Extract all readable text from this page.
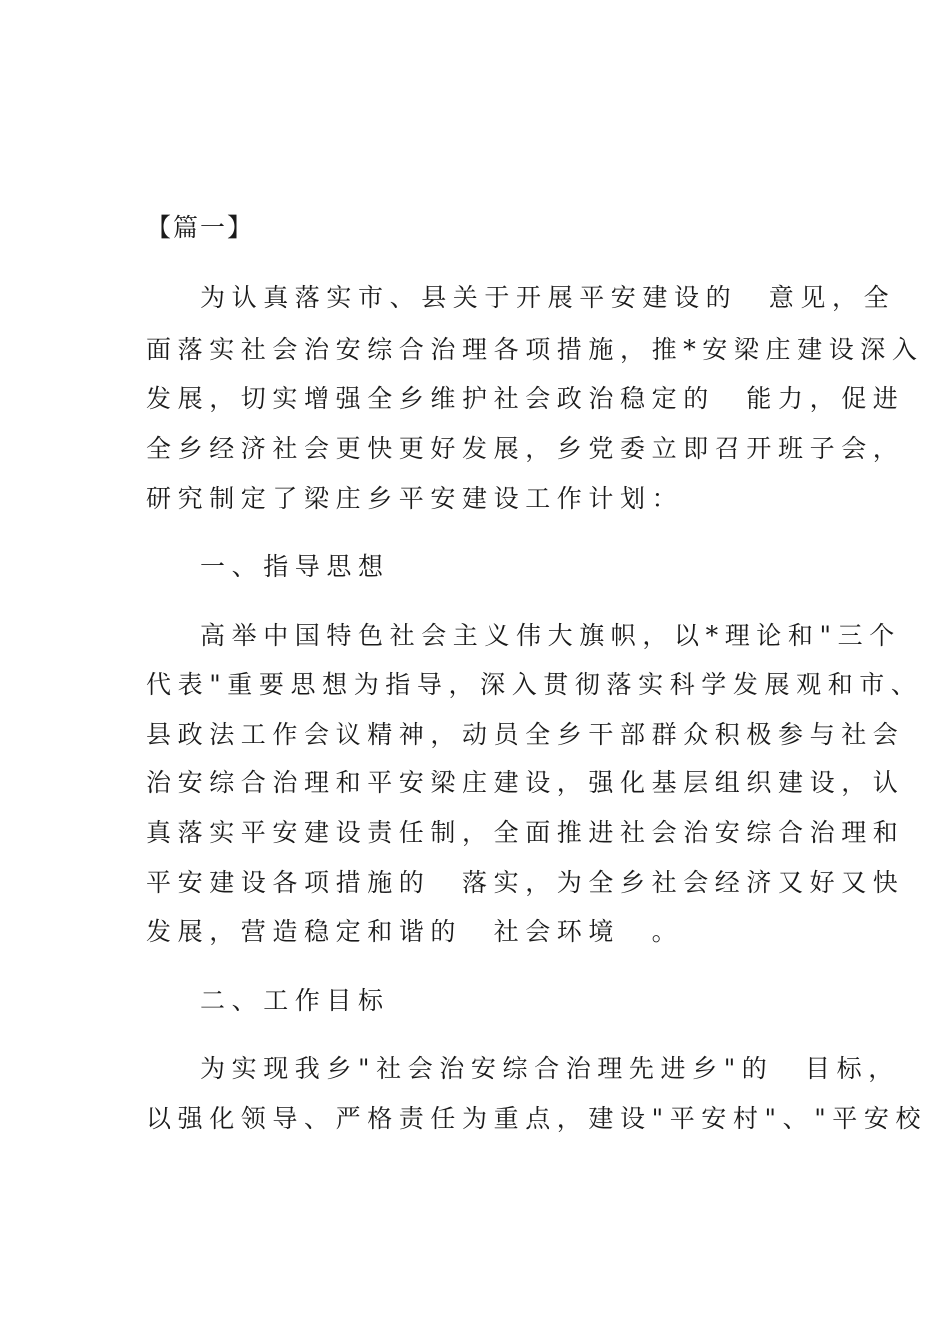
【篇一】
为认真落实市、县关于开展平安建设的　意见，全
面落实社会治安综合治理各项措施，推*安梁庄建设深入
发展，切实增强全乡维护社会政治稳定的　能力，促进
全乡经济社会更快更好发展，乡党委立即召开班子会，
研究制定了梁庄乡平安建设工作计划：
一、指导思想
高举中国特色社会主义伟大旗帜，以*理论和"三个
代表"重要思想为指导，深入贯彻落实科学发展观和市、
县政法工作会议精神，动员全乡干部群众积极参与社会
治安综合治理和平安梁庄建设，强化基层组织建设，认
真落实平安建设责任制，全面推进社会治安综合治理和
平安建设各项措施的　落实，为全乡社会经济又好又快
发展，营造稳定和谐的　社会环境　。
二、工作目标
为实现我乡"社会治安综合治理先进乡"的　目标，
以强化领导、严格责任为重点，建设"平安村"、"平安校
